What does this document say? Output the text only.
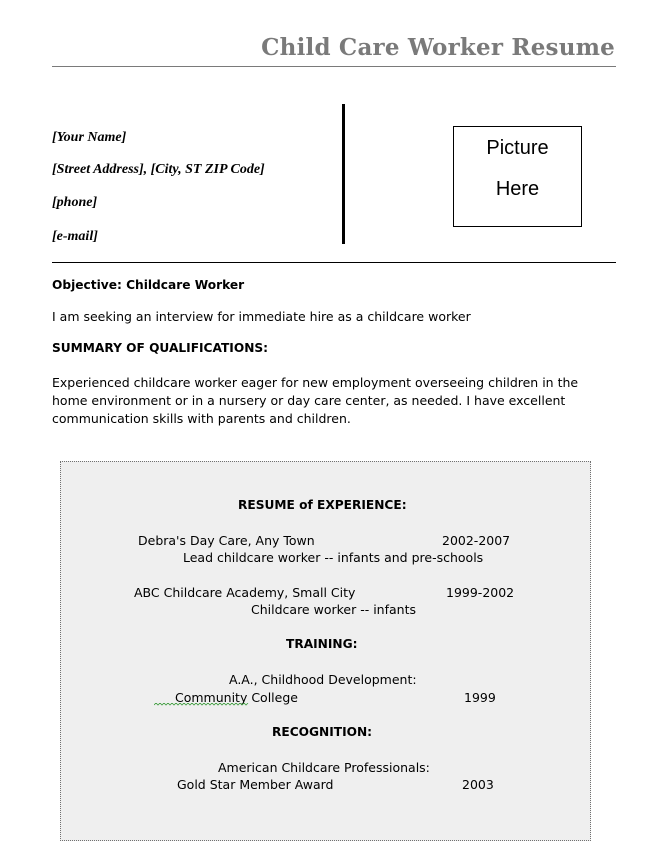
Child Care Worker Resume
[Your Name]
[Street Address], [City, ST ZIP Code]
[phone]
[e-mail]
Picture
Here
Objective: Childcare Worker
I am seeking an interview for immediate hire as a childcare worker
SUMMARY OF QUALIFICATIONS:
Experienced childcare worker eager for new employment overseeing children in the home environment or in a nursery or day care center, as needed. I have excellent communication skills with parents and children.
RESUME of EXPERIENCE:
Debra's Day Care, Any Town	2002-2007
Lead childcare worker -- infants and pre-schools
ABC Childcare Academy, Small City	1999-2002
Childcare worker -- infants
TRAINING:
A.A., Childhood Development:
Community College	1999
RECOGNITION:
American Childcare Professionals:
Gold Star Member Award	2003
